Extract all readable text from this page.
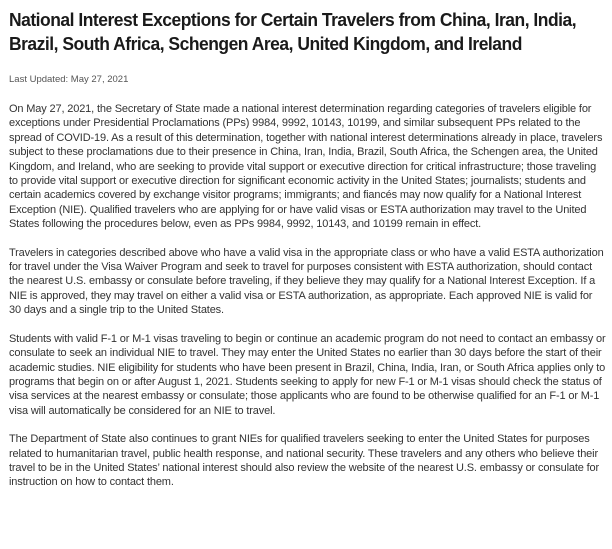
National Interest Exceptions for Certain Travelers from China, Iran, India, Brazil, South Africa, Schengen Area, United Kingdom, and Ireland
Last Updated: May 27, 2021

On May 27, 2021, the Secretary of State made a national interest determination regarding categories of travelers eligible for exceptions under Presidential Proclamations (PPs) 9984, 9992, 10143, 10199, and similar subsequent PPs related to the spread of COVID-19. As a result of this determination, together with national interest determinations already in place, travelers subject to these proclamations due to their presence in China, Iran, India, Brazil, South Africa, the Schengen area, the United Kingdom, and Ireland, who are seeking to provide vital support or executive direction for critical infrastructure; those traveling to provide vital support or executive direction for significant economic activity in the United States; journalists; students and certain academics covered by exchange visitor programs; immigrants; and fiancés may now qualify for a National Interest Exception (NIE). Qualified travelers who are applying for or have valid visas or ESTA authorization may travel to the United States following the procedures below, even as PPs 9984, 9992, 10143, and 10199 remain in effect.

Travelers in categories described above who have a valid visa in the appropriate class or who have a valid ESTA authorization for travel under the Visa Waiver Program and seek to travel for purposes consistent with ESTA authorization, should contact the nearest U.S. embassy or consulate before traveling, if they believe they may qualify for a National Interest Exception. If a NIE is approved, they may travel on either a valid visa or ESTA authorization, as appropriate. Each approved NIE is valid for 30 days and a single trip to the United States.

Students with valid F-1 or M-1 visas traveling to begin or continue an academic program do not need to contact an embassy or consulate to seek an individual NIE to travel. They may enter the United States no earlier than 30 days before the start of their academic studies. NIE eligibility for students who have been present in Brazil, China, India, Iran, or South Africa applies only to programs that begin on or after August 1, 2021. Students seeking to apply for new F-1 or M-1 visas should check the status of visa services at the nearest embassy or consulate; those applicants who are found to be otherwise qualified for an F-1 or M-1 visa will automatically be considered for an NIE to travel.

The Department of State also continues to grant NIEs for qualified travelers seeking to enter the United States for purposes related to humanitarian travel, public health response, and national security. These travelers and any others who believe their travel to be in the United States’ national interest should also review the website of the nearest U.S. embassy or consulate for instruction on how to contact them.
